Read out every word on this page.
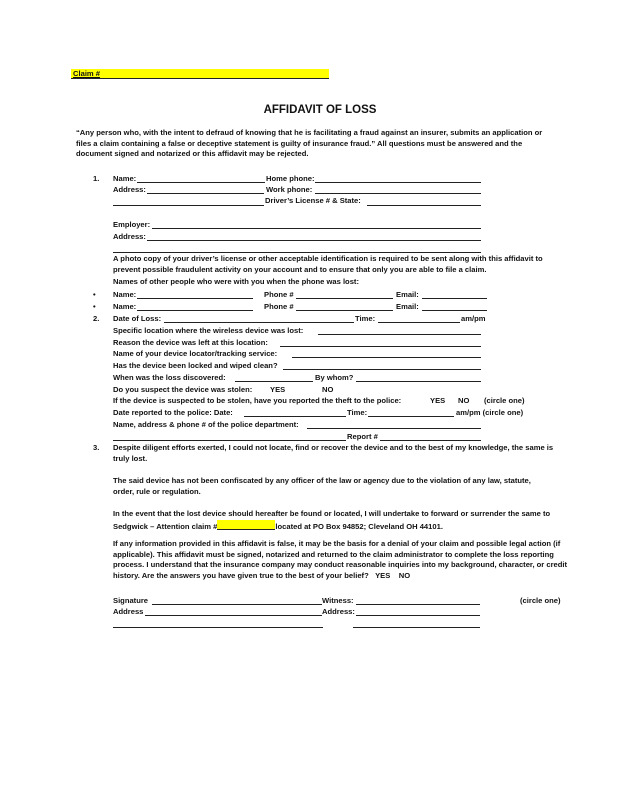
Claim #
AFFIDAVIT OF LOSS
“Any person who, with the intent to defraud of knowing that he is facilitating a fraud against an insurer, submits an application or files a claim containing a false or deceptive statement is guilty of insurance fraud.” All questions must be answered and the document signed and notarized or this affidavit may be rejected.
1. Name:	Home phone:
Address:	Work phone:
Driver’s License # & State:
Employer:
Address:
A photo copy of your driver’s license or other acceptable identification is required to be sent along with this affidavit to prevent possible fraudulent activity on your account and to ensure that only you are able to file a claim.
Names of other people who were with you when the phone was lost:
• Name:	Phone #	Email:
• Name:	Phone #	Email:
2. Date of Loss:	Time:	am/pm
Specific location where the wireless device was lost:
Reason the device was left at this location:
Name of your device locator/tracking service:
Has the device been locked and wiped clean?
When was the loss discovered:	By whom?
Do you suspect the device was stolen: YES	NO
If the device is suspected to be stolen, have you reported the theft to the police:	YES NO (circle one)
Date reported to the police: Date:	Time:	am/pm (circle one)
Name, address & phone # of the police department:
Report #
3. Despite diligent efforts exerted, I could not locate, find or recover the device and to the best of my knowledge, the same is truly lost.
The said device has not been confiscated by any officer of the law or agency due to the violation of any law, statute, order, rule or regulation.
In the event that the lost device should hereafter be found or located, I will undertake to forward or surrender the same to Sedgwick – Attention claim #	located at PO Box 94852; Cleveland OH 44101.
If any information provided in this affidavit is false, it may be the basis for a denial of your claim and possible legal action (if applicable). This affidavit must be signed, notarized and returned to the claim administrator to complete the loss reporting process. I understand that the insurance company may conduct reasonable inquiries into my background, character, or credit history. Are the answers you have given true to the best of your belief? YES NO
Signature	Witness:	(circle one)
Address	Address:
